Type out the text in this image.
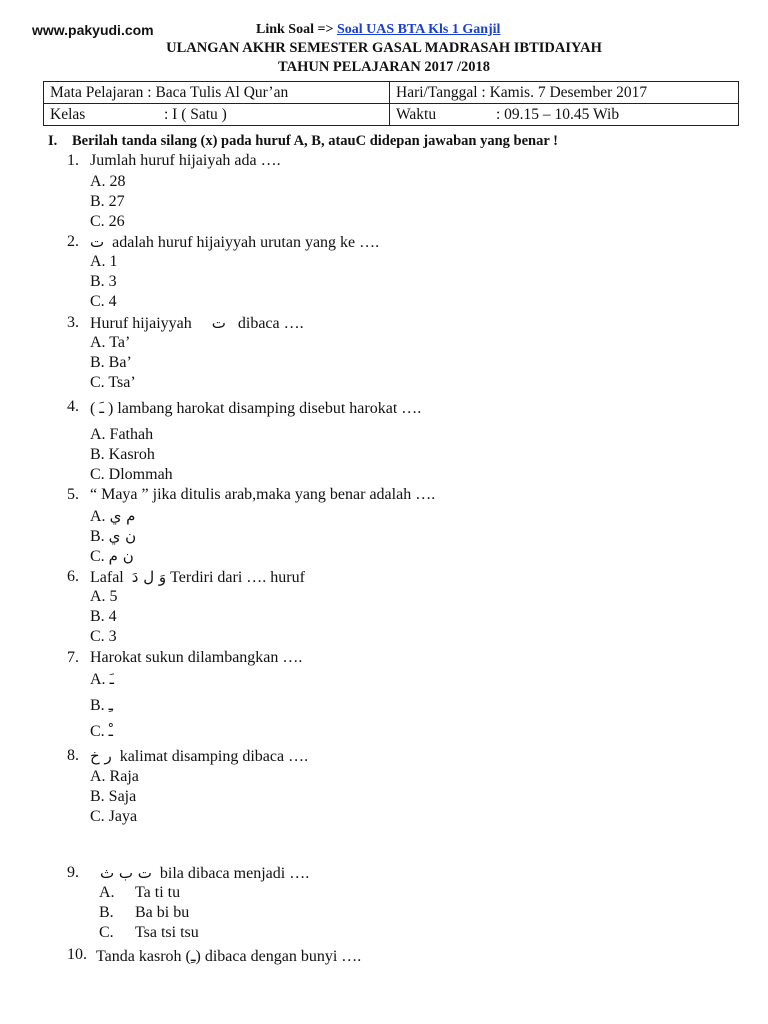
www.pakyudi.com	Link Soal => Soal UAS BTA Kls 1 Ganjil
ULANGAN AKHR SEMESTER GASAL MADRASAH IBTIDAIYAH
TAHUN PELAJARAN 2017 /2018
Mata Pelajaran : Baca Tulis Al Qur’an	Hari/Tanggal : Kamis. 7 Desember 2017
Kelas : I ( Satu )	Waktu : 09.15 – 10.45 Wib
I. Berilah tanda silang (x) pada huruf A, B, atauC didepan jawaban yang benar !
1. Jumlah huruf hijaiyah ada ….
A. 28
B. 27
C. 26
2. ت adalah huruf hijaiyyah urutan yang ke ….
A. 1
B. 3
C. 4
3. Huruf hijaiyyah ت dibaca ….
A. Ta’
B. Ba’
C. Tsa’
4. ( ـَ ) lambang harokat disamping disebut harokat ….
A. Fathah
B. Kasroh
C. Dlommah
5. “ Maya ” jika ditulis arab,maka yang benar adalah ….
A. م ي
B. ن ي
C. ن م
6. Lafal وَ ل دَ Terdiri dari …. huruf
A. 5
B. 4
C. 3
7. Harokat sukun dilambangkan ….
A. ـَ
B. ـِ
C. ـْ
8. ر خ kalimat disamping dibaca ….
A. Raja
B. Saja
C. Jaya
9. ت ب ث bila dibaca menjadi ….
A. Ta ti tu
B. Ba bi bu
C. Tsa tsi tsu
10. Tanda kasroh (ـِ) dibaca dengan bunyi ….
